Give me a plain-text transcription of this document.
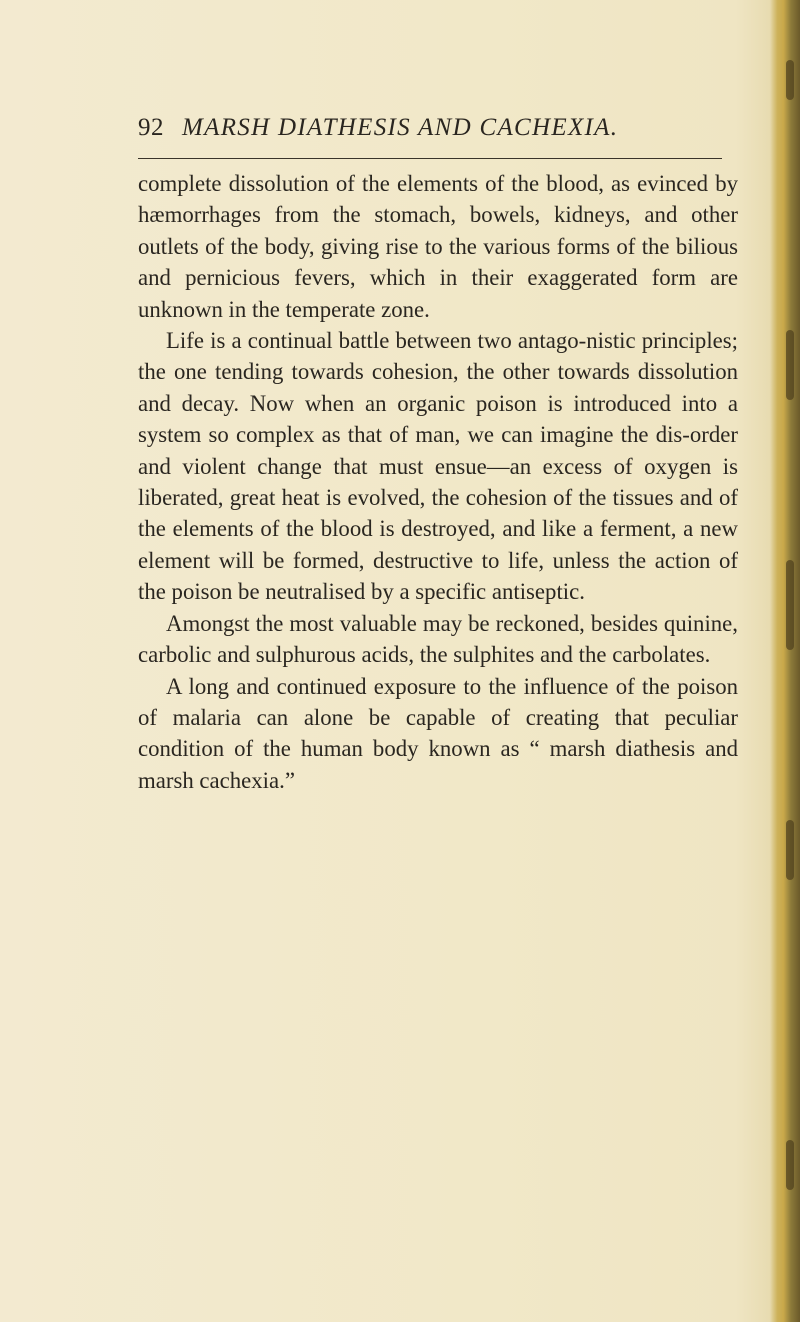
92 MARSH DIATHESIS AND CACHEXIA.

complete dissolution of the elements of the blood, as evinced by hæmorrhages from the stomach, bowels, kidneys, and other outlets of the body, giving rise to the various forms of the bilious and pernicious fevers, which in their exaggerated form are unknown in the temperate zone.

Life is a continual battle between two antago-nistic principles; the one tending towards cohesion, the other towards dissolution and decay. Now when an organic poison is introduced into a system so complex as that of man, we can imagine the dis-order and violent change that must ensue—an excess of oxygen is liberated, great heat is evolved, the cohesion of the tissues and of the elements of the blood is destroyed, and like a ferment, a new element will be formed, destructive to life, unless the action of the poison be neutralised by a specific antiseptic.

Amongst the most valuable may be reckoned, besides quinine, carbolic and sulphurous acids, the sulphites and the carbolates.

A long and continued exposure to the influence of the poison of malaria can alone be capable of creating that peculiar condition of the human body known as “ marsh diathesis and marsh cachexia.”
